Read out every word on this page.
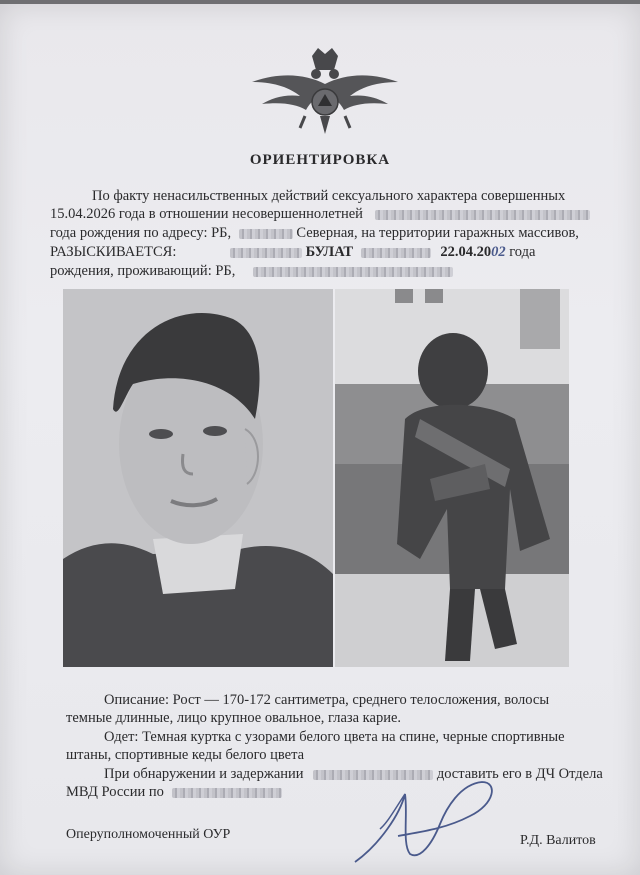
ОРИЕНТИРОВКА
По факту ненасильственных действий сексуального характера совершенных
15.04.2026 года в отношении несовершеннолетней
года рождения по адресу: РБ,	Северная, на территории гаражных массивов,
РАЗЫСКИВАЕТСЯ:	БУЛАТ	22.04.2002 года
рождения, проживающий: РБ,
Описание: Рост — 170-172 сантиметра, среднего телосложения, волосы
темные длинные, лицо крупное овальное, глаза карие.
Одет: Темная куртка с узорами белого цвета на спине, черные спортивные
штаны, спортивные кеды белого цвета
При обнаружении и задержании	доставить его в ДЧ Отдела
МВД России по
Оперуполномоченный ОУР	Р.Д. Валитов
